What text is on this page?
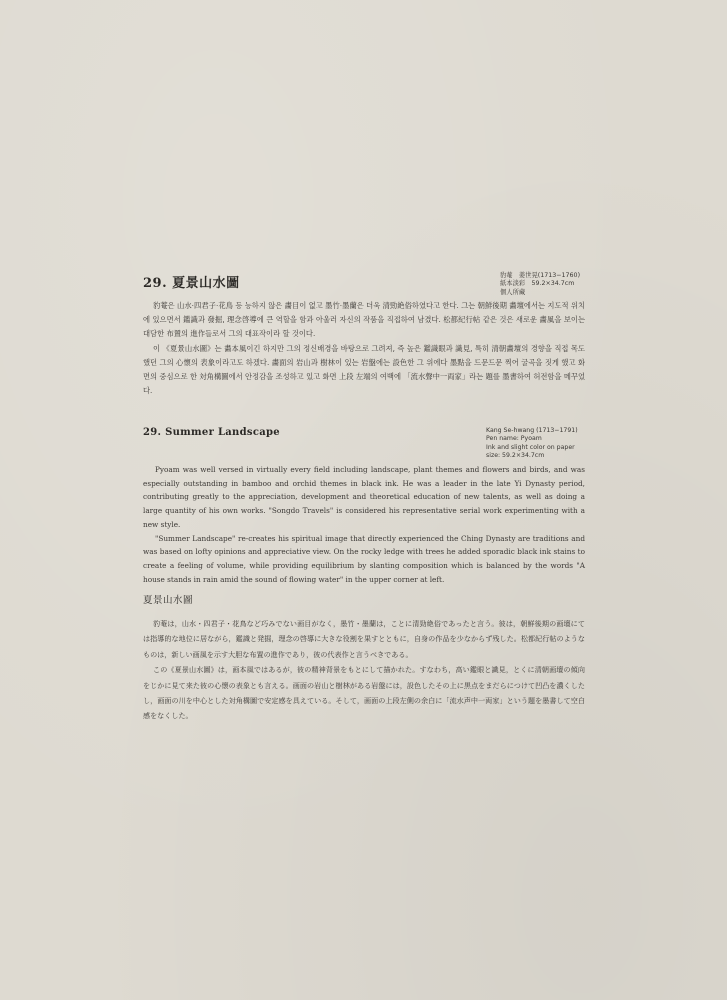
29. 夏景山水圖
豹菴　姜世晃(1713−1760)
紙本淡彩　59.2×34.7cm
個人所藏

豹菴은 山水·四君子·花鳥 등 능하지 않은 畵目이 없고 墨竹·墨蘭은 더욱 清勁絶俗하였다고 한다. 그는 朝鮮後期 畵壇에서는 지도적 위치에 있으면서 鑑識과 發掘, 理念啓導에 큰 역할을 함과 아울러 자신의 작품을 직접하여 남겼다. 松都紀行帖 같은 것은 새로운 畵風을 보이는 대담한 布置의 進作들로서 그의 대표작이라 할 것이다.

이 《夏景山水圖》는 畵本風이긴 하지만 그의 정신배경을 바탕으로 그려져, 즉 높은 鑑識眼과 識見, 특히 清朝畵壇의 경향을 직접 목도했던 그의 心懷의 表象이라고도 하겠다. 畵面의 岩山과 樹林이 있는 岩盤에는 設色한 그 위에다 墨點을 드문드문 찍어 굴곡을 짓게 했고 화면의 중심으로 한 対角構圖에서 안정감을 조성하고 있고 화면 上段 左端의 여백에 「流水聲中一両家」라는 題를 墨書하여 허전함을 메꾸었다.

29. Summer Landscape	Kang Se-hwang (1713−1791)
Pen name: Pyoam
Ink and slight color on paper
size: 59.2×34.7cm

Pyoam was well versed in virtually every field including landscape, plant themes and flowers and birds, and was especially outstanding in bamboo and orchid themes in black ink. He was a leader in the late Yi Dynasty period, contributing greatly to the appreciation, development and theoretical education of new talents, as well as doing a large quantity of his own works. "Songdo Travels" is considered his representative serial work experimenting with a new style.

"Summer Landscape" re-creates his spiritual image that directly experienced the Ching Dynasty are traditions and was based on lofty opinions and appreciative view. On the rocky ledge with trees he added sporadic black ink stains to create a feeling of volume, while providing equilibrium by slanting composition which is balanced by the words "A house stands in rain amid the sound of flowing water" in the upper corner at left.

夏景山水圖

豹菴は，山水・四君子・花鳥など巧みでない画目がなく，墨竹・墨蘭は，ことに清勁絶俗であったと言う。彼は，朝鮮後期の画壇にては指導的な地位に居ながら，鑑識と発掘，理念の啓導に大きな役割を果すとともに，自身の作品を少なからず残した。松都紀行帖のようなものは，新しい画風を示す大胆な布置の進作であり，彼の代表作と言うべきである。

この《夏景山水圖》は，画本風ではあるが，彼の精神背景をもとにして描かれた。すなわち，高い鑑眼と識見，とくに清朝画壇の傾向をじかに見て来た彼の心懐の表象とも言える。画面の岩山と樹林がある岩盤には，設色したその上に黒点をまだらにつけて凹凸を濃くしたし，画面の川を中心とした対角構圖で安定感を具えている。そして，画面の上段左側の余白に「流水声中一両家」という題を墨書して空白感をなくした。
